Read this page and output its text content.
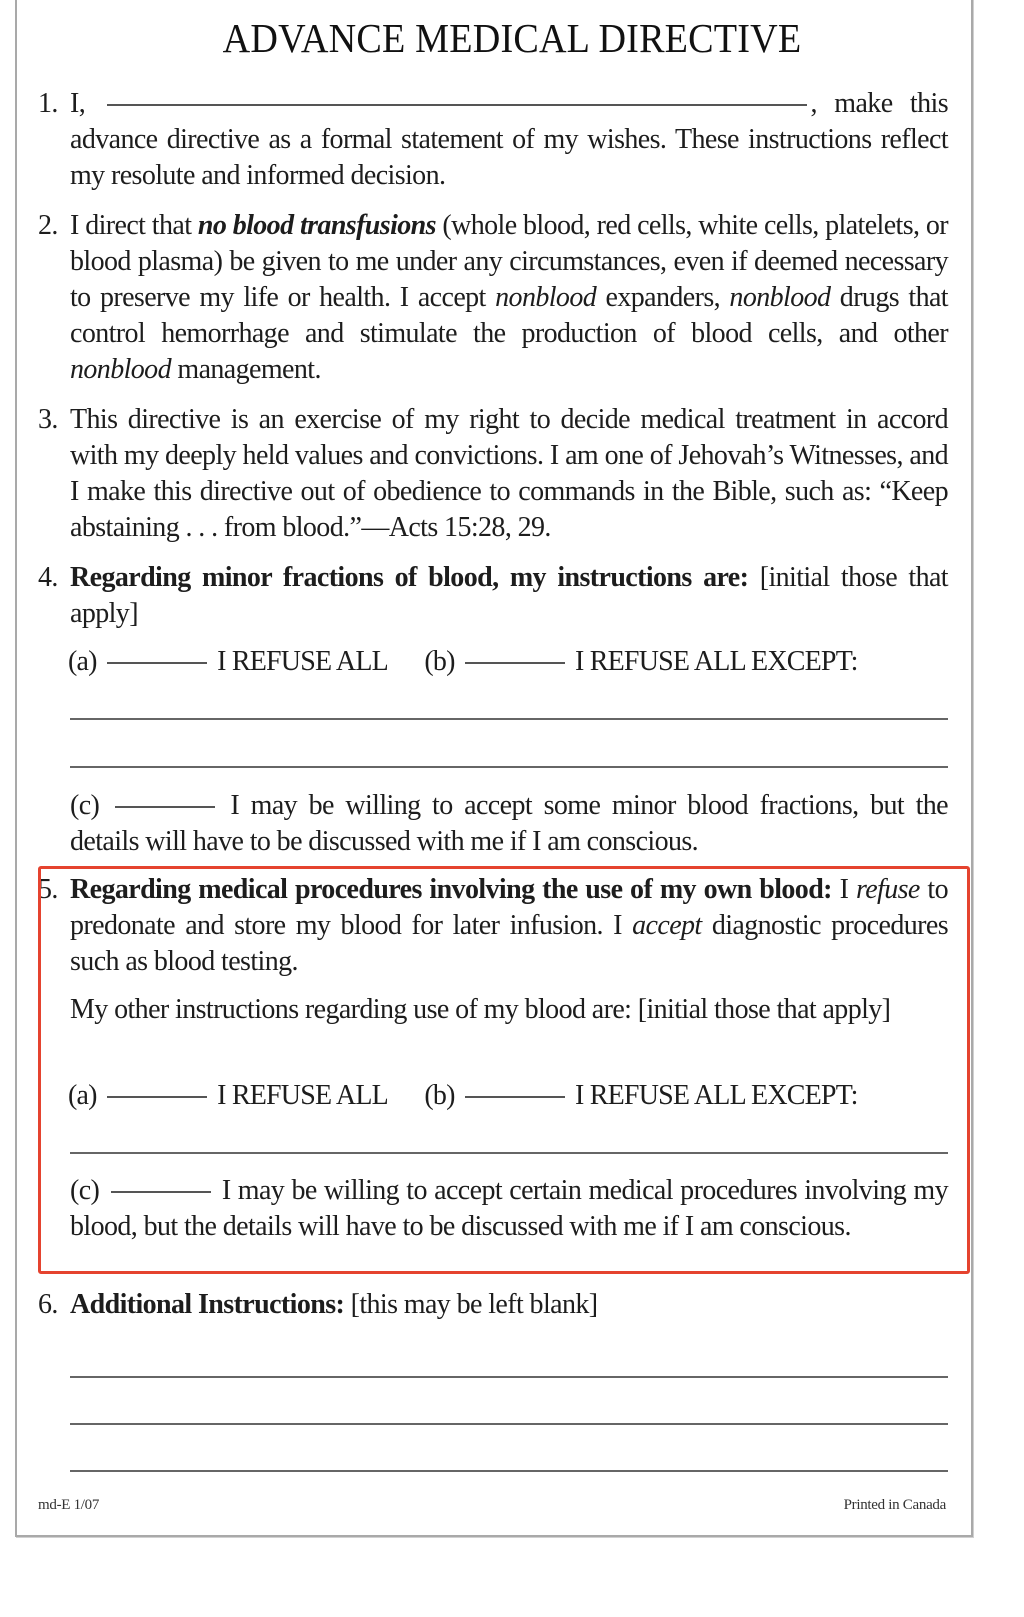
ADVANCE MEDICAL DIRECTIVE
1. I,	, make this advance directive as a formal statement of my wishes. These instructions reflect my resolute and informed decision.
2. I direct that no blood transfusions (whole blood, red cells, white cells, platelets, or blood plasma) be given to me under any circumstances, even if deemed necessary to preserve my life or health. I accept nonblood expanders, nonblood drugs that control hemorrhage and stimulate the production of blood cells, and other nonblood management.
3. This directive is an exercise of my right to decide medical treatment in accord with my deeply held values and convictions. I am one of Jehovah’s Witnesses, and I make this directive out of obedience to commands in the Bible, such as: “Keep abstaining . . . from blood.”—Acts 15:28, 29.
4. Regarding minor fractions of blood, my instructions are: [initial those that apply]
(a)	I REFUSE ALL (b)	I REFUSE ALL EXCEPT:
(c)	I may be willing to accept some minor blood fractions, but the details will have to be discussed with me if I am conscious.
5. Regarding medical procedures involving the use of my own blood: I refuse to predonate and store my blood for later infusion. I accept diagnostic procedures such as blood testing.
My other instructions regarding use of my blood are: [initial those that apply]
(a)	I REFUSE ALL (b)	I REFUSE ALL EXCEPT:
(c)	I may be willing to accept certain medical procedures involving my blood, but the details will have to be discussed with me if I am conscious.
6. Additional Instructions: [this may be left blank]
md-E 1/07	Printed in Canada
